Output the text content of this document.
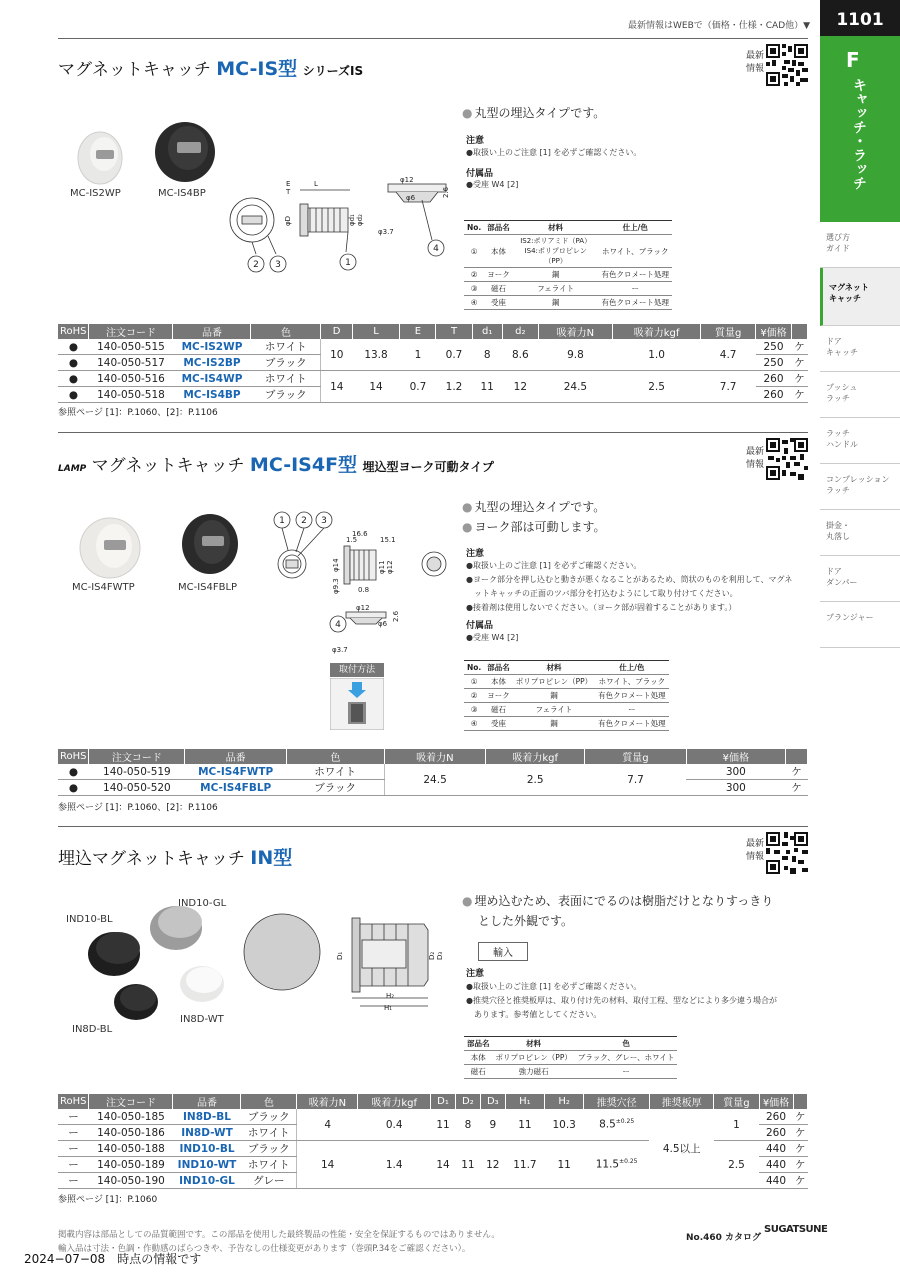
最新情報はWEBで（価格・仕様・CAD他）▼	1101
F
キャッチ・ラッチ
選び方
ガイド
マグネット
キャッチ
ドア
キャッチ
プッシュ
ラッチ
ラッチ
ハンドル
コンプレッション
ラッチ
掛金・
丸落し
ドア
ダンパー
プランジャー
マグネットキャッチ MC-IS型 シリーズIS
最新
情報
MC-IS2WP	MC-IS4BP
E
T
L
φD	φd₁ φd₂
φ12
φ6
φ3.7
2.6
2 3	1
4
● 丸型の埋込タイプです。
注意
●取扱い上のご注意 [1] を必ずご確認ください。
付属品
●受座 W4 [2]
No.	部品名	材料	仕上/色
①	本体	IS2:ポリアミド（PA）
IS4:ポリプロピレン（PP）	ホワイト、ブラック
②	ヨーク	鋼	有色クロメート処理
③	磁石	フェライト	ー
④	受座	鋼	有色クロメート処理
RoHS	注文コード	品番	色	D	L	E	T	d₁	d₂	吸着力N	吸着力kgf	質量g	¥価格	
●	140-050-515	MC-IS2WP	ホワイト	10	13.8	1	0.7	8	8.6	9.8	1.0	4.7	250	ケ
●	140-050-517	MC-IS2BP	ブラック										250	ケ
●	140-050-516	MC-IS4WP	ホワイト	14	14	0.7	1.2	11	12	24.5	2.5	7.7	260	ケ
●	140-050-518	MC-IS4BP	ブラック										260	ケ
参照ページ [1]：P.1060、[2]：P.1106
LAMP マグネットキャッチ MC-IS4F型 埋込型ヨーク可動タイプ
最新
情報
MC-IS4FWTP	MC-IS4FBLP
1 2 3
4
16.6
15.1
1.5
φ14
φ9.3	0.8
φ11 φ12
φ12
φ6
φ3.7
2.6
取付方法
● 丸型の埋込タイプです。
● ヨーク部は可動します。
注意
●取扱い上のご注意 [1] を必ずご確認ください。
●ヨーク部分を押し込むと動きが悪くなることがあるため、筒状のものを利用して、マグネ
ットキャッチの正面のツバ部分を打込むようにして取り付けてください。
●接着剤は使用しないでください。（ヨーク部が固着することがあります。）
付属品
●受座 W4 [2]
No.	部品名	材料	仕上/色
①	本体	ポリプロピレン（PP）	ホワイト、ブラック
②	ヨーク	鋼	有色クロメート処理
③	磁石	フェライト	ー
④	受座	鋼	有色クロメート処理
RoHS	注文コード	品番	色	吸着力N	吸着力kgf	質量g	¥価格	
●	140-050-519	MC-IS4FWTP	ホワイト	24.5	2.5	7.7	300	ケ
●	140-050-520	MC-IS4FBLP	ブラック				300	ケ
参照ページ [1]：P.1060、[2]：P.1106
埋込マグネットキャッチ IN型
最新
情報
IND10-GL
IND10-BL
IN8D-BL
IN8D-WT
D₁	D₂ D₃
H₂
H₁
● 埋め込むため、表面にでるのは樹脂だけとなりすっきり
とした外観です。
輸入
注意
●取扱い上のご注意 [1] を必ずご確認ください。
●推奨穴径と推奨板厚は、取り付け先の材料、取付工程、型などにより多少違う場合が
あります。参考値としてください。
部品名	材料	色
本体	ポリプロピレン（PP）	ブラック、グレー、ホワイト
磁石	強力磁石	ー
RoHS	注文コード	品番	色	吸着力N	吸着力kgf	D₁	D₂	D₃	H₁	H₂	推奨穴径	推奨板厚	質量g	¥価格	
ー	140-050-185	IN8D-BL	ブラック	4	0.4	11	8	9	11	10.3	$8.5^{\pm 0.25}$	4.5以上	1	260	ケ
ー	140-050-186	IN8D-WT	ホワイト											260	ケ
ー	140-050-188	IND10-BL	ブラック	14	1.4	14	11	12	11.7	11	$11.5^{\pm 0.25}$		2.5	440	ケ
ー	140-050-189	IND10-WT	ホワイト											440	ケ
ー	140-050-190	IND10-GL	グレー											440	ケ
参照ページ [1]：P.1060
掲載内容は部品としての品質範囲です。この部品を使用した最終製品の性能・安全を保証するものではありません。
輸入品は寸法・色調・作動感のばらつきや、予告なしの仕様変更があります（巻頭P.34をご確認ください）。
No.460 カタログ
SUGATSUNE
2024−07−08　時点の情報です
